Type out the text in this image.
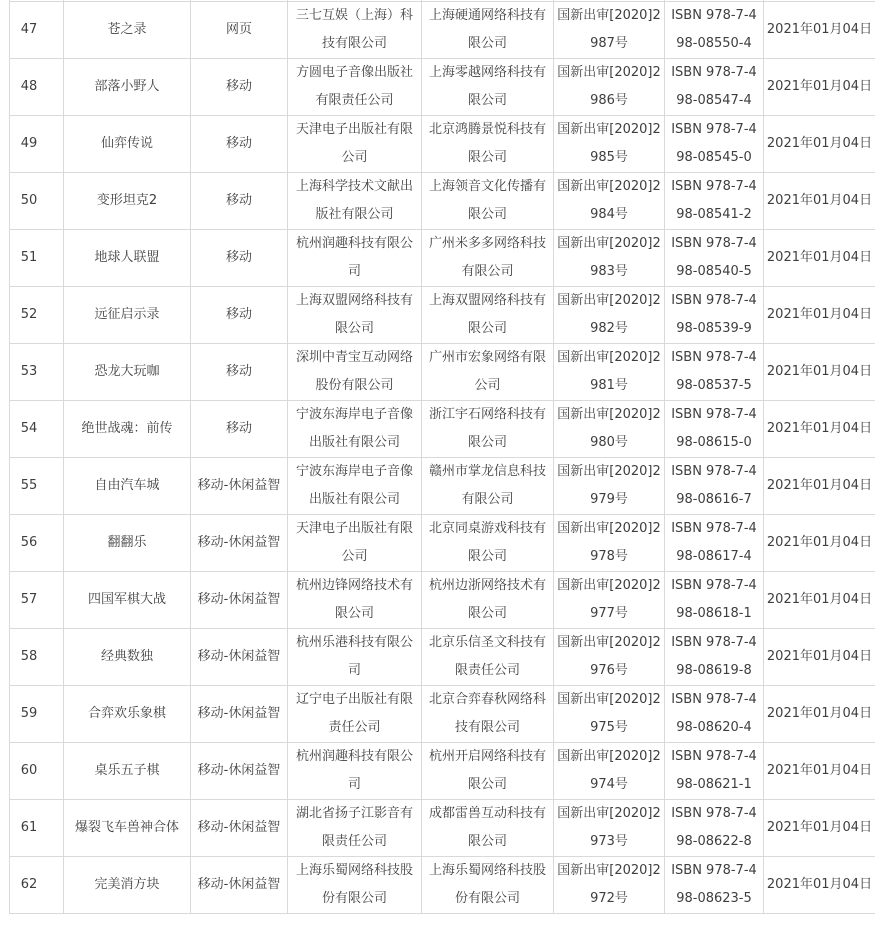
47	苍之录	网页	三七互娱（上海）科技有限公司	上海硬通网络科技有限公司	国新出审[2020]2987号	ISBN 978-7-498-08550-4	2021年01月04日
48	部落小野人	移动	方圆电子音像出版社有限责任公司	上海零越网络科技有限公司	国新出审[2020]2986号	ISBN 978-7-498-08547-4	2021年01月04日
49	仙弈传说	移动	天津电子出版社有限公司	北京鸿腾景悦科技有限公司	国新出审[2020]2985号	ISBN 978-7-498-08545-0	2021年01月04日
50	变形坦克2	移动	上海科学技术文献出版社有限公司	上海领音文化传播有限公司	国新出审[2020]2984号	ISBN 978-7-498-08541-2	2021年01月04日
51	地球人联盟	移动	杭州润趣科技有限公司	广州米多多网络科技有限公司	国新出审[2020]2983号	ISBN 978-7-498-08540-5	2021年01月04日
52	远征启示录	移动	上海双盟网络科技有限公司	上海双盟网络科技有限公司	国新出审[2020]2982号	ISBN 978-7-498-08539-9	2021年01月04日
53	恐龙大玩咖	移动	深圳中青宝互动网络股份有限公司	广州市宏象网络有限公司	国新出审[2020]2981号	ISBN 978-7-498-08537-5	2021年01月04日
54	绝世战魂：前传	移动	宁波东海岸电子音像出版社有限公司	浙江宇石网络科技有限公司	国新出审[2020]2980号	ISBN 978-7-498-08615-0	2021年01月04日
55	自由汽车城	移动-休闲益智	宁波东海岸电子音像出版社有限公司	赣州市掌龙信息科技有限公司	国新出审[2020]2979号	ISBN 978-7-498-08616-7	2021年01月04日
56	翻翻乐	移动-休闲益智	天津电子出版社有限公司	北京同桌游戏科技有限公司	国新出审[2020]2978号	ISBN 978-7-498-08617-4	2021年01月04日
57	四国军棋大战	移动-休闲益智	杭州边锋网络技术有限公司	杭州边浙网络技术有限公司	国新出审[2020]2977号	ISBN 978-7-498-08618-1	2021年01月04日
58	经典数独	移动-休闲益智	杭州乐港科技有限公司	北京乐信圣文科技有限责任公司	国新出审[2020]2976号	ISBN 978-7-498-08619-8	2021年01月04日
59	合弈欢乐象棋	移动-休闲益智	辽宁电子出版社有限责任公司	北京合弈春秋网络科技有限公司	国新出审[2020]2975号	ISBN 978-7-498-08620-4	2021年01月04日
60	桌乐五子棋	移动-休闲益智	杭州润趣科技有限公司	杭州开启网络科技有限公司	国新出审[2020]2974号	ISBN 978-7-498-08621-1	2021年01月04日
61	爆裂飞车兽神合体	移动-休闲益智	湖北省扬子江影音有限责任公司	成都雷兽互动科技有限公司	国新出审[2020]2973号	ISBN 978-7-498-08622-8	2021年01月04日
62	完美消方块	移动-休闲益智	上海乐蜀网络科技股份有限公司	上海乐蜀网络科技股份有限公司	国新出审[2020]2972号	ISBN 978-7-498-08623-5	2021年01月04日
